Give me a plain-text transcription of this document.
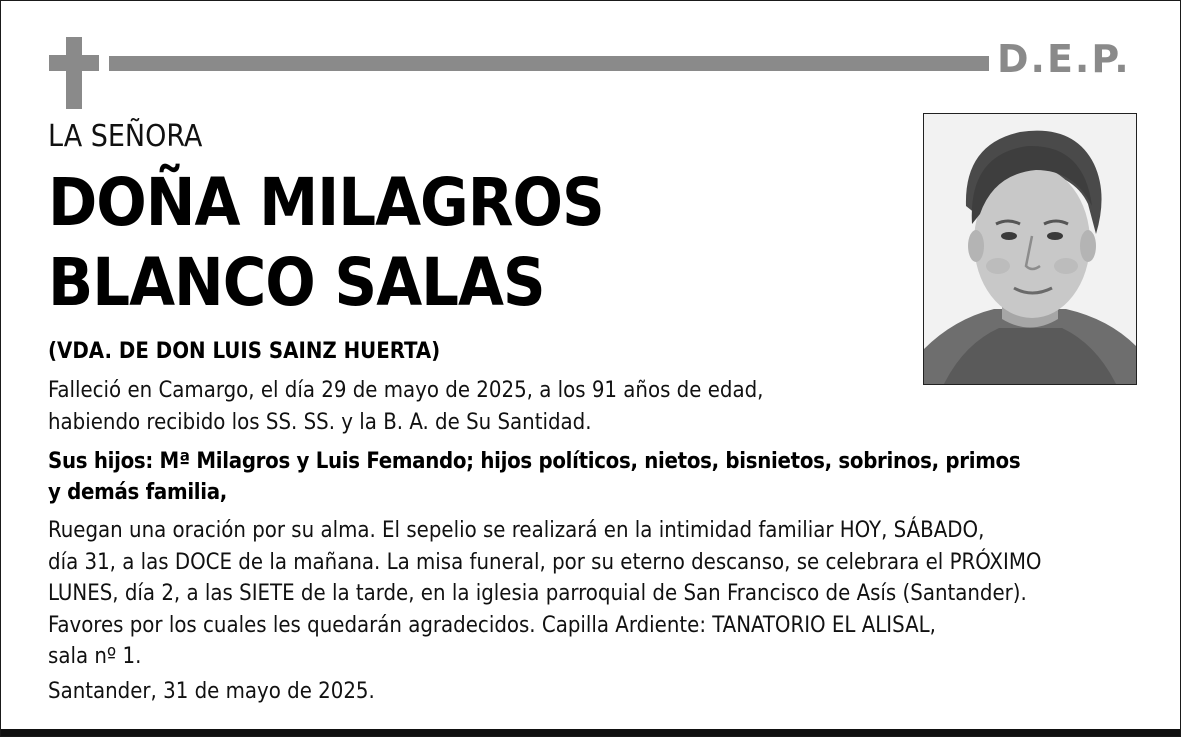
D.E.P.
LA SEÑORA
DOÑA MILAGROS
BLANCO SALAS
(VDA. DE DON LUIS SAINZ HUERTA)
Falleció en Camargo, el día 29 de mayo de 2025, a los 91 años de edad,
habiendo recibido los SS. SS. y la B. A. de Su Santidad.
Sus hijos: Mª Milagros y Luis Femando; hijos políticos, nietos, bisnietos, sobrinos, primos
y demás familia,
Ruegan una oración por su alma. El sepelio se realizará en la intimidad familiar HOY, SÁBADO,
día 31, a las DOCE de la mañana. La misa funeral, por su eterno descanso, se celebrara el PRÓXIMO
LUNES, día 2, a las SIETE de la tarde, en la iglesia parroquial de San Francisco de Asís (Santander).
Favores por los cuales les quedarán agradecidos. Capilla Ardiente: TANATORIO EL ALISAL,
sala nº 1.
Santander, 31 de mayo de 2025.
